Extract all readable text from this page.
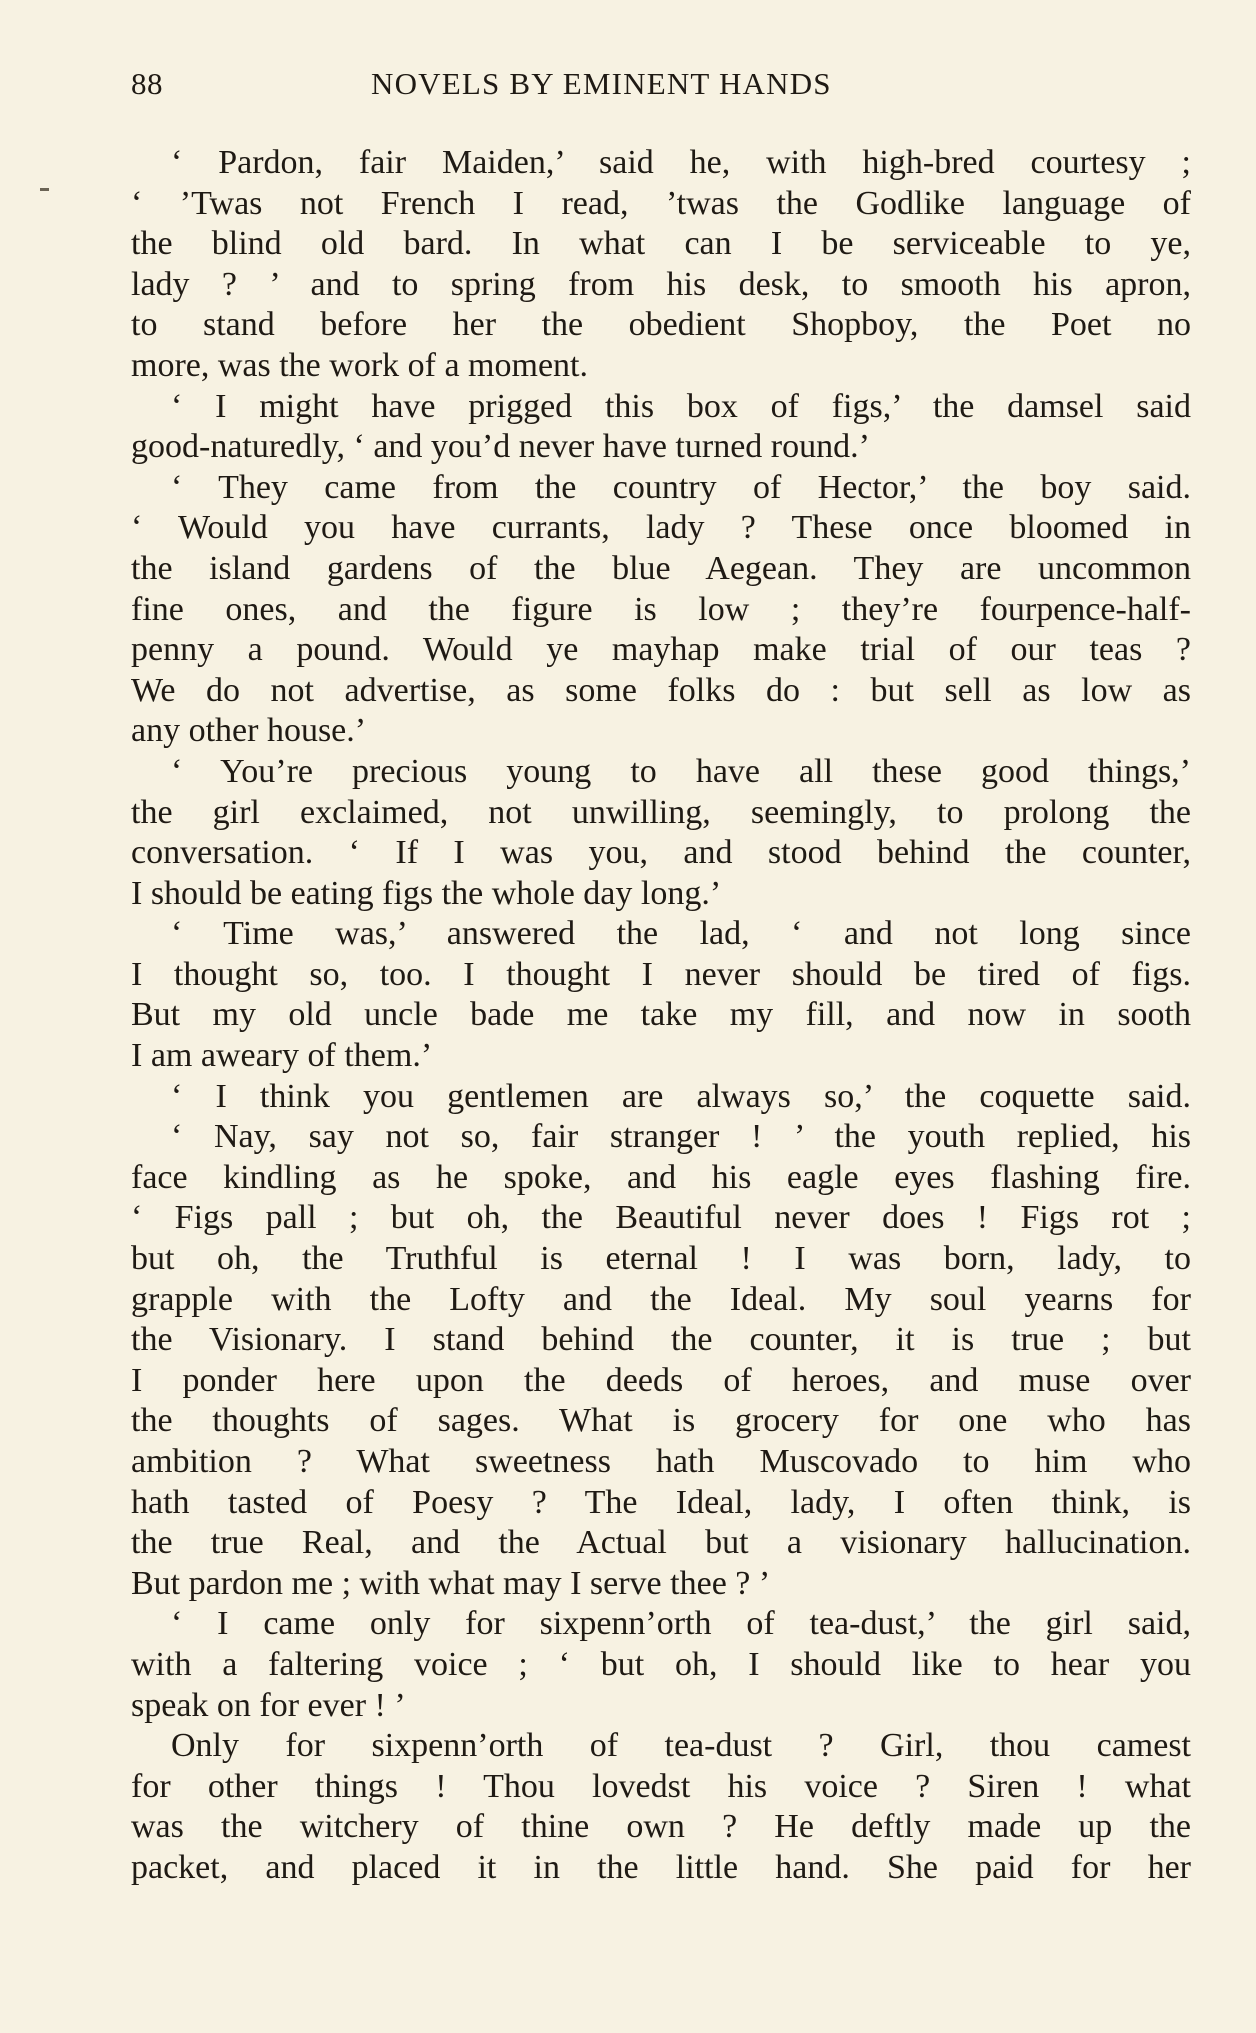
88	NOVELS BY EMINENT HANDS
‘ Pardon, fair Maiden,’ said he, with high-bred courtesy ;
‘ ’Twas not French I read, ’twas the Godlike language of
the blind old bard. In what can I be serviceable to ye,
lady ? ’ and to spring from his desk, to smooth his apron,
to stand before her the obedient Shopboy, the Poet no
more, was the work of a moment.
‘ I might have prigged this box of figs,’ the damsel said
good-naturedly, ‘ and you’d never have turned round.’
‘ They came from the country of Hector,’ the boy said.
‘ Would you have currants, lady ? These once bloomed in
the island gardens of the blue Aegean. They are uncommon
fine ones, and the figure is low ; they’re fourpence-half-
penny a pound. Would ye mayhap make trial of our teas ?
We do not advertise, as some folks do : but sell as low as
any other house.’
‘ You’re precious young to have all these good things,’
the girl exclaimed, not unwilling, seemingly, to prolong the
conversation. ‘ If I was you, and stood behind the counter,
I should be eating figs the whole day long.’
‘ Time was,’ answered the lad, ‘ and not long since
I thought so, too. I thought I never should be tired of figs.
But my old uncle bade me take my fill, and now in sooth
I am aweary of them.’
‘ I think you gentlemen are always so,’ the coquette said.
‘ Nay, say not so, fair stranger ! ’ the youth replied, his
face kindling as he spoke, and his eagle eyes flashing fire.
‘ Figs pall ; but oh, the Beautiful never does ! Figs rot ;
but oh, the Truthful is eternal ! I was born, lady, to
grapple with the Lofty and the Ideal. My soul yearns for
the Visionary. I stand behind the counter, it is true ; but
I ponder here upon the deeds of heroes, and muse over
the thoughts of sages. What is grocery for one who has
ambition ? What sweetness hath Muscovado to him who
hath tasted of Poesy ? The Ideal, lady, I often think, is
the true Real, and the Actual but a visionary hallucination.
But pardon me ; with what may I serve thee ? ’
‘ I came only for sixpenn’orth of tea-dust,’ the girl said,
with a faltering voice ; ‘ but oh, I should like to hear you
speak on for ever ! ’
Only for sixpenn’orth of tea-dust ? Girl, thou camest
for other things ! Thou lovedst his voice ? Siren ! what
was the witchery of thine own ? He deftly made up the
packet, and placed it in the little hand. She paid for her
